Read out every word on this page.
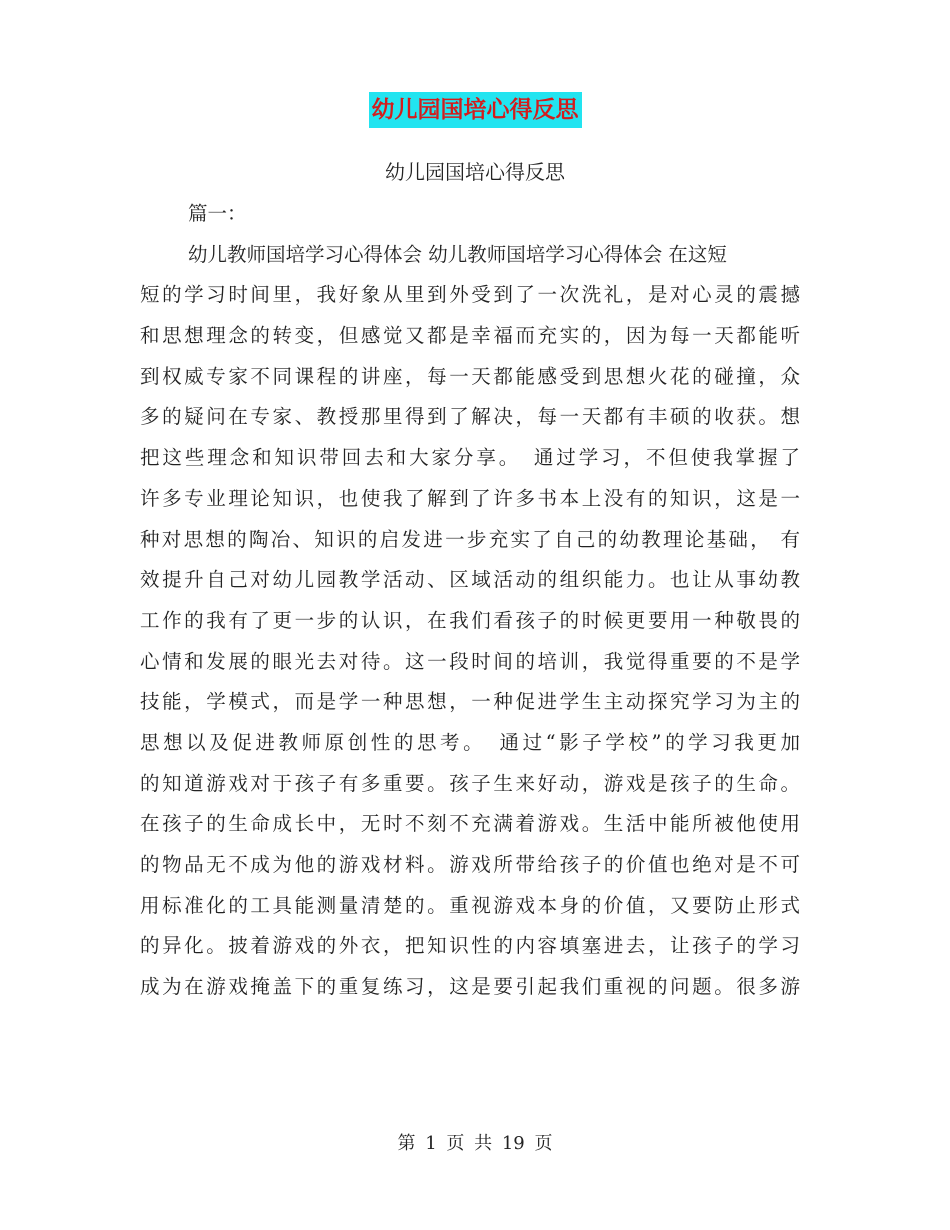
幼儿园国培心得反思
幼儿园国培心得反思
篇一：
幼儿教师国培学习心得体会 幼儿教师国培学习心得体会 在这短
短的学习时间里，我好象从里到外受到了一次洗礼，是对心灵的震撼
和思想理念的转变，但感觉又都是幸福而充实的，因为每一天都能听
到权威专家不同课程的讲座，每一天都能感受到思想火花的碰撞，众
多的疑问在专家、教授那里得到了解决，每一天都有丰硕的收获。想
把这些理念和知识带回去和大家分享。　通过学习，不但使我掌握了
许多专业理论知识，也使我了解到了许多书本上没有的知识，这是一
种对思想的陶冶、知识的启发进一步充实了自己的幼教理论基础， 有
效提升自己对幼儿园教学活动、区域活动的组织能力。也让从事幼教
工作的我有了更一步的认识，在我们看孩子的时候更要用一种敬畏的
心情和发展的眼光去对待。这一段时间的培训，我觉得重要的不是学
技能，学模式，而是学一种思想，一种促进学生主动探究学习为主的
思想以及促进教师原创性的思考。　通过“影子学校”的学习我更加
的知道游戏对于孩子有多重要。孩子生来好动，游戏是孩子的生命。
在孩子的生命成长中，无时不刻不充满着游戏。生活中能所被他使用
的物品无不成为他的游戏材料。游戏所带给孩子的价值也绝对是不可
用标准化的工具能测量清楚的。重视游戏本身的价值，又要防止形式
的异化。披着游戏的外衣，把知识性的内容填塞进去，让孩子的学习
成为在游戏掩盖下的重复练习，这是要引起我们重视的问题。很多游
第 1 页 共 19 页
